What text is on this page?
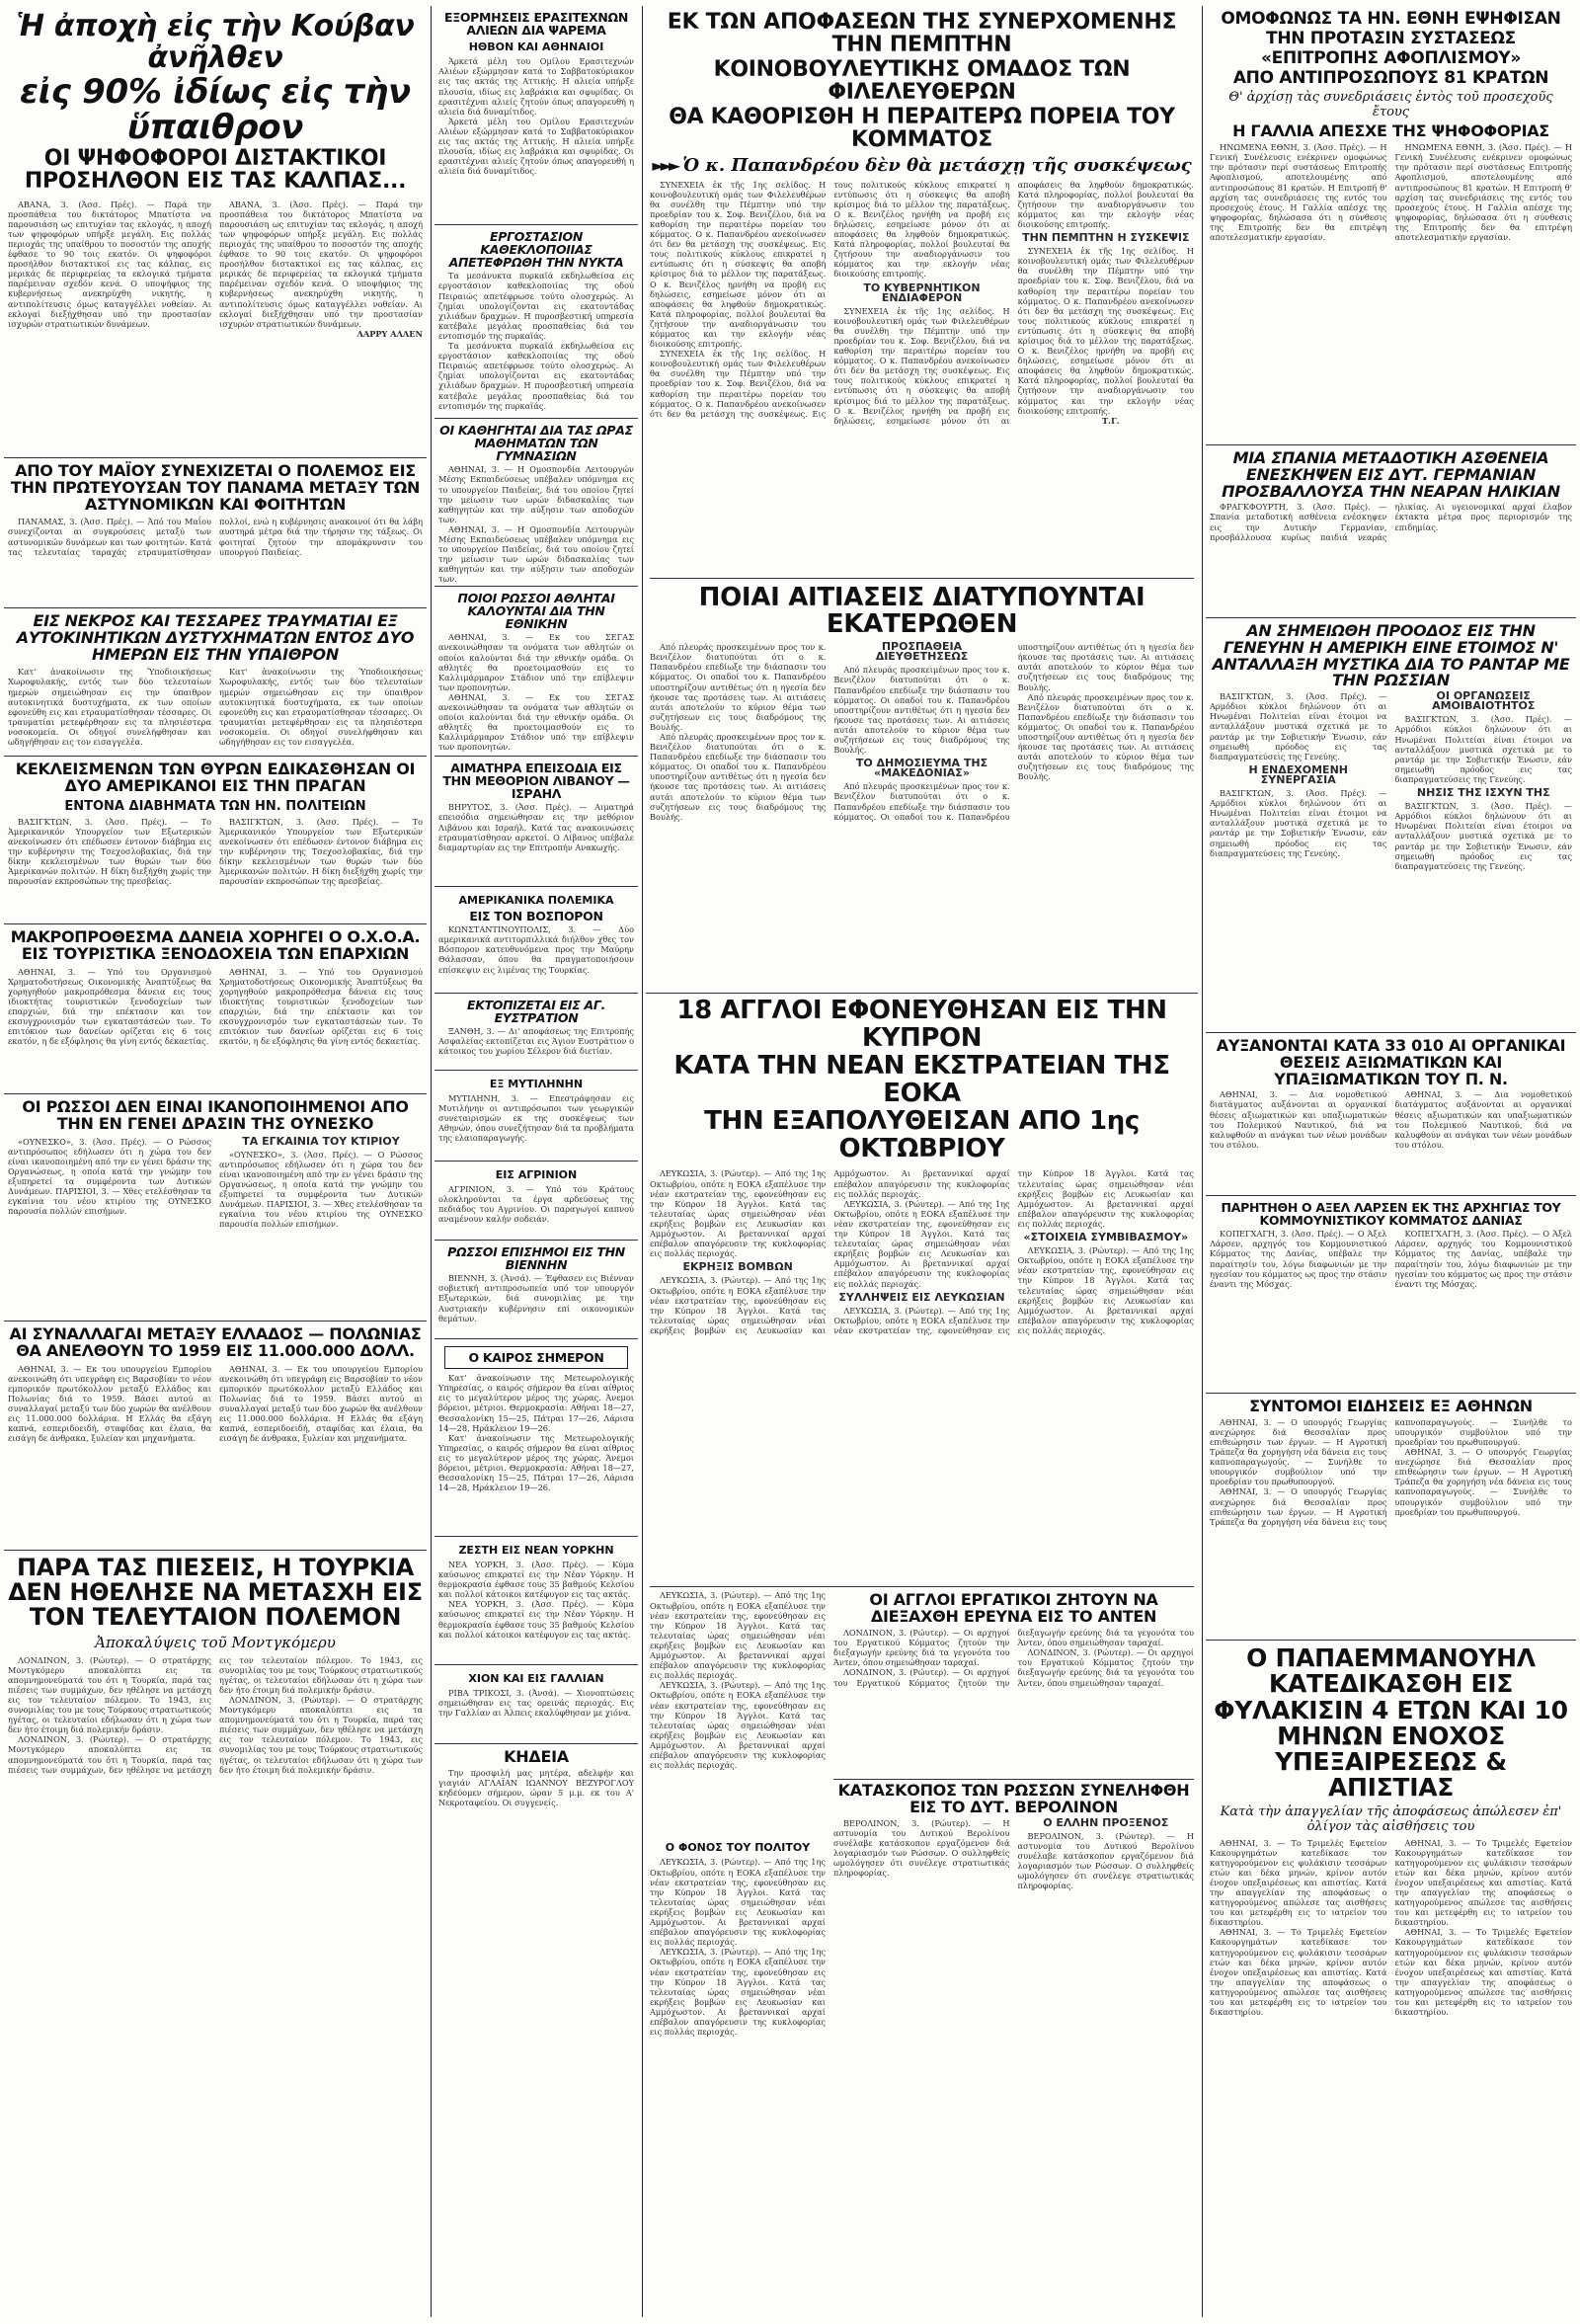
Ἡ ἀποχὴ εἰς τὴν Κούβαν ἀνῆλθεν
εἰς 90% ἰδίως εἰς τὴν ὕπαιθρον
ΟΙ ΨΗΦΟΦΟΡΟΙ ΔΙΣΤΑΚΤΙΚΟΙ ΠΡΟΣΗΛΘΟΝ ΕΙΣ ΤΑΣ ΚΑΛΠΑΣ...

ΑΒΑΝΑ, 3. (Ἀσσ. Πρές). — Παρά την προσπάθεια του δικτάτορος Μπατίστα να παρουσιάση ως επιτυχίαν τας εκλογάς, η αποχή των ψηφοφόρων υπήρξε μεγάλη. Εις πολλάς περιοχάς της υπαίθρου το ποσοστόν της αποχής έφθασε το 90 τοις εκατόν. Οι ψηφοφόροι προσήλθον διστακτικοί εις τας κάλπας, εις μερικάς δε περιφερείας τα εκλογικά τμήματα παρέμειναν σχεδόν κενά. Ο υποψήφιος της κυβερνήσεως ανεκηρύχθη νικητής, η αντιπολίτευσις όμως καταγγέλλει νοθείαν. Αι εκλογαί διεξήχθησαν υπό την προστασίαν ισχυρών στρατιωτικών δυνάμεων.

ΑΒΑΝΑ, 3. (Ἀσσ. Πρές). — Παρά την προσπάθεια του δικτάτορος Μπατίστα να παρουσιάση ως επιτυχίαν τας εκλογάς, η αποχή των ψηφοφόρων υπήρξε μεγάλη. Εις πολλάς περιοχάς της υπαίθρου το ποσοστόν της αποχής έφθασε το 90 τοις εκατόν. Οι ψηφοφόροι προσήλθον διστακτικοί εις τας κάλπας, εις μερικάς δε περιφερείας τα εκλογικά τμήματα παρέμειναν σχεδόν κενά. Ο υποψήφιος της κυβερνήσεως ανεκηρύχθη νικητής, η αντιπολίτευσις όμως καταγγέλλει νοθείαν. Αι εκλογαί διεξήχθησαν υπό την προστασίαν ισχυρών στρατιωτικών δυνάμεων.

ΛΑΡΡΥ ΑΛΛΕΝ

ΑΠΟ ΤΟΥ ΜΑΪΟΥ ΣΥΝΕΧΙΖΕΤΑΙ Ο ΠΟΛΕΜΟΣ ΕΙΣ ΤΗΝ ΠΡΩΤΕΥΟΥΣΑΝ ΤΟΥ ΠΑΝΑΜΑ ΜΕΤΑΞΥ ΤΩΝ ΑΣΤΥΝΟΜΙΚΩΝ ΚΑΙ ΦΟΙΤΗΤΩΝ

ΠΑΝΑΜΑΣ, 3. (Ἀσσ. Πρές). — Ἀπό του Μαΐου συνεχίζονται αι συγκρούσεις μεταξύ των αστυνομικών δυνάμεων και των φοιτητών. Κατά τας τελευταίας ταραχάς ετραυματίσθησαν πολλοί, ενώ η κυβέρνησις ανακοινοί ότι θα λάβη αυστηρά μέτρα διά την τήρησιν της τάξεως. Οι φοιτηταί ζητούν την απομάκρυνσιν του υπουργού Παιδείας.

ΕΙΣ ΝΕΚΡΟΣ ΚΑΙ ΤΕΣΣΑΡΕΣ ΤΡΑΥΜΑΤΙΑΙ ΕΞ ΑΥΤΟΚΙΝΗΤΙΚΩΝ ΔΥΣΤΥΧΗΜΑΤΩΝ ΕΝΤΟΣ ΔΥΟ ΗΜΕΡΩΝ ΕΙΣ ΤΗΝ ΥΠΑΙΘΡΟΝ

Κατ' ἀνακοίνωσιν της Ὑποδιοικήσεως Χωροφυλακής, εντός των δύο τελευταίων ημερών σημειώθησαν εις την ύπαιθρον αυτοκινητικά δυστυχήματα, εκ των οποίων εφονεύθη εις και ετραυματίσθησαν τέσσαρες. Οι τραυματίαι μετεφέρθησαν εις τα πλησιέστερα νοσοκομεία. Οι οδηγοί συνελήφθησαν και ωδηγήθησαν εις τον εισαγγελέα.

Κατ' ἀνακοίνωσιν της Ὑποδιοικήσεως Χωροφυλακής, εντός των δύο τελευταίων ημερών σημειώθησαν εις την ύπαιθρον αυτοκινητικά δυστυχήματα, εκ των οποίων εφονεύθη εις και ετραυματίσθησαν τέσσαρες. Οι τραυματίαι μετεφέρθησαν εις τα πλησιέστερα νοσοκομεία. Οι οδηγοί συνελήφθησαν και ωδηγήθησαν εις τον εισαγγελέα.

ΚΕΚΛΕΙΣΜΕΝΩΝ ΤΩΝ ΘΥΡΩΝ ΕΔΙΚΑΣΘΗΣΑΝ ΟΙ ΔΥΟ ΑΜΕΡΙΚΑΝΟΙ ΕΙΣ ΤΗΝ ΠΡΑΓΑΝ
ΕΝΤΟΝΑ ΔΙΑΒΗΜΑΤΑ ΤΩΝ ΗΝ. ΠΟΛΙΤΕΙΩΝ

ΒΑΣΙΓΚΤΩΝ, 3. (Ἀσσ. Πρές). — Το Ἀμερικανικόν Υπουργείον των Εξωτερικών ανεκοίνωσεν ότι επέδωσεν έντονον διάβημα εις την κυβέρνησιν της Τσεχοσλοβακίας, διά την δίκην κεκλεισμένων των θυρών των δύο Ἀμερικανών πολιτών. Η δίκη διεξήχθη χωρίς την παρουσίαν εκπροσώπων της πρεσβείας.

ΒΑΣΙΓΚΤΩΝ, 3. (Ἀσσ. Πρές). — Το Ἀμερικανικόν Υπουργείον των Εξωτερικών ανεκοίνωσεν ότι επέδωσεν έντονον διάβημα εις την κυβέρνησιν της Τσεχοσλοβακίας, διά την δίκην κεκλεισμένων των θυρών των δύο Ἀμερικανών πολιτών. Η δίκη διεξήχθη χωρίς την παρουσίαν εκπροσώπων της πρεσβείας.

ΜΑΚΡΟΠΡΟΘΕΣΜΑ ΔΑΝΕΙΑ ΧΟΡΗΓΕΙ Ο Ο.Χ.Ο.Α. ΕΙΣ ΤΟΥΡΙΣΤΙΚΑ ΞΕΝΟΔΟΧΕΙΑ ΤΩΝ ΕΠΑΡΧΙΩΝ

ΑΘΗΝΑΙ, 3. — Υπό του Οργανισμού Χρηματοδοτήσεως Οικονομικής Ἀναπτύξεως θα χορηγηθούν μακροπρόθεσμα δάνεια εις τους ιδιοκτήτας τουριστικών ξενοδοχείων των επαρχιών, διά την επέκτασιν και τον εκσυγχρονισμόν των εγκαταστάσεών των. Το επιτόκιον των δανείων ορίζεται εις 6 τοις εκατόν, η δε εξόφλησις θα γίνη εντός δεκαετίας.

ΑΘΗΝΑΙ, 3. — Υπό του Οργανισμού Χρηματοδοτήσεως Οικονομικής Ἀναπτύξεως θα χορηγηθούν μακροπρόθεσμα δάνεια εις τους ιδιοκτήτας τουριστικών ξενοδοχείων των επαρχιών, διά την επέκτασιν και τον εκσυγχρονισμόν των εγκαταστάσεών των. Το επιτόκιον των δανείων ορίζεται εις 6 τοις εκατόν, η δε εξόφλησις θα γίνη εντός δεκαετίας.

ΟΙ ΡΩΣΣΟΙ ΔΕΝ ΕΙΝΑΙ ΙΚΑΝΟΠΟΙΗΜΕΝΟΙ ΑΠΟ ΤΗΝ ΕΝ ΓΕΝΕΙ ΔΡΑΣΙΝ ΤΗΣ ΟΥΝΕΣΚΟ

«ΟΥΝΕΣΚΟ», 3. (Ἀσσ. Πρές). — Ο Ρώσσος αντιπρόσωπος εδήλωσεν ότι η χώρα του δεν είναι ικανοποιημένη από την εν γένει δράσιν της Οργανώσεως, η οποία κατά την γνώμην του εξυπηρετεί τα συμφέροντα των Δυτικών Δυνάμεων. ΠΑΡΙΣΙΟΙ, 3. — Χθες ετελέσθησαν τα εγκαίνια του νέου κτιρίου της ΟΥΝΕΣΚΟ παρουσία πολλών επισήμων.

ΤΑ ΕΓΚΑΙΝΙΑ ΤΟΥ ΚΤΙΡΙΟΥ

«ΟΥΝΕΣΚΟ», 3. (Ἀσσ. Πρές). — Ο Ρώσσος αντιπρόσωπος εδήλωσεν ότι η χώρα του δεν είναι ικανοποιημένη από την εν γένει δράσιν της Οργανώσεως, η οποία κατά την γνώμην του εξυπηρετεί τα συμφέροντα των Δυτικών Δυνάμεων. ΠΑΡΙΣΙΟΙ, 3. — Χθες ετελέσθησαν τα εγκαίνια του νέου κτιρίου της ΟΥΝΕΣΚΟ παρουσία πολλών επισήμων.

ΑΙ ΣΥΝΑΛΛΑΓΑΙ ΜΕΤΑΞΥ ΕΛΛΑΔΟΣ — ΠΟΛΩΝΙΑΣ ΘΑ ΑΝΕΛΘΟΥΝ ΤΟ 1959 ΕΙΣ 11.000.000 ΔΟΛΛ.

ΑΘΗΝΑΙ, 3. — Εκ του υπουργείου Εμπορίου ανεκοινώθη ότι υπεγράφη εις Βαρσοβίαν το νέον εμπορικόν πρωτόκολλον μεταξύ Ελλάδος και Πολωνίας διά το 1959. Βάσει αυτού αι συναλλαγαί μεταξύ των δύο χωρών θα ανέλθουν εις 11.000.000 δολλάρια. Η Ελλάς θα εξάγη καπνά, εσπεριδοειδή, σταφίδας και έλαια, θα εισάγη δε άνθρακα, ξυλείαν και μηχανήματα.

ΑΘΗΝΑΙ, 3. — Εκ του υπουργείου Εμπορίου ανεκοινώθη ότι υπεγράφη εις Βαρσοβίαν το νέον εμπορικόν πρωτόκολλον μεταξύ Ελλάδος και Πολωνίας διά το 1959. Βάσει αυτού αι συναλλαγαί μεταξύ των δύο χωρών θα ανέλθουν εις 11.000.000 δολλάρια. Η Ελλάς θα εξάγη καπνά, εσπεριδοειδή, σταφίδας και έλαια, θα εισάγη δε άνθρακα, ξυλείαν και μηχανήματα.

ΠΑΡΑ ΤΑΣ ΠΙΕΣΕΙΣ, Η ΤΟΥΡΚΙΑ ΔΕΝ ΗΘΕΛΗΣΕ ΝΑ ΜΕΤΑΣΧΗ ΕΙΣ ΤΟΝ ΤΕΛΕΥΤΑΙΟΝ ΠΟΛΕΜΟΝ
Ἀποκαλύψεις τοῦ Μοντγκόμερυ

ΛΟΝΔΙΝΟΝ, 3. (Ρώυτερ). — Ο στρατάρχης Μοντγκόμερυ αποκαλύπτει εις τα απομνημονεύματά του ότι η Τουρκία, παρά τας πιέσεις των συμμάχων, δεν ηθέλησε να μετάσχη εις τον τελευταίον πόλεμον. Το 1943, εις συνομιλίας του με τους Τούρκους στρατιωτικούς ηγέτας, οι τελευταίοι εδήλωσαν ότι η χώρα των δεν ήτο έτοιμη διά πολεμικήν δράσιν.

ΛΟΝΔΙΝΟΝ, 3. (Ρώυτερ). — Ο στρατάρχης Μοντγκόμερυ αποκαλύπτει εις τα απομνημονεύματά του ότι η Τουρκία, παρά τας πιέσεις των συμμάχων, δεν ηθέλησε να μετάσχη εις τον τελευταίον πόλεμον. Το 1943, εις συνομιλίας του με τους Τούρκους στρατιωτικούς ηγέτας, οι τελευταίοι εδήλωσαν ότι η χώρα των δεν ήτο έτοιμη διά πολεμικήν δράσιν.

ΛΟΝΔΙΝΟΝ, 3. (Ρώυτερ). — Ο στρατάρχης Μοντγκόμερυ αποκαλύπτει εις τα απομνημονεύματά του ότι η Τουρκία, παρά τας πιέσεις των συμμάχων, δεν ηθέλησε να μετάσχη εις τον τελευταίον πόλεμον. Το 1943, εις συνομιλίας του με τους Τούρκους στρατιωτικούς ηγέτας, οι τελευταίοι εδήλωσαν ότι η χώρα των δεν ήτο έτοιμη διά πολεμικήν δράσιν.

ΕΞΟΡΜΗΣΕΙΣ ΕΡΑΣΙΤΕΧΝΩΝ ΑΛΙΕΩΝ ΔΙΑ ΨΑΡΕΜΑ
ΗΘΒΟΝ ΚΑΙ ΑΘΗΝΑΙΟΙ

Ἀρκετά μέλη του Ομίλου Ερασιτεχνών Αλιέων εξώρμησαν κατά το Σαββατοκύριακον εις τας ακτάς της Αττικής. Η αλιεία υπήρξε πλουσία, ιδίως εις λαβράκια και σφυρίδας. Οι ερασιτέχναι αλιείς ζητούν όπως απαγορευθή η αλιεία διά δυναμίτιδος.

Ἀρκετά μέλη του Ομίλου Ερασιτεχνών Αλιέων εξώρμησαν κατά το Σαββατοκύριακον εις τας ακτάς της Αττικής. Η αλιεία υπήρξε πλουσία, ιδίως εις λαβράκια και σφυρίδας. Οι ερασιτέχναι αλιείς ζητούν όπως απαγορευθή η αλιεία διά δυναμίτιδος.

ΕΡΓΟΣΤΑΣΙΟΝ ΚΑΘΕΚΛΟΠΟΙΙΑΣ ΑΠΕΤΕΦΡΩΘΗ ΤΗΝ ΝΥΚΤΑ

Τα μεσάνυκτα πυρκαϊά εκδηλωθείσα εις εργοστάσιον καθεκλοποιίας της οδού Πειραιώς απετέφρωσε τούτο ολοσχερώς. Αι ζημίαι υπολογίζονται εις εκατοντάδας χιλιάδων δραχμών. Η πυροσβεστική υπηρεσία κατέβαλε μεγάλας προσπαθείας διά τον εντοπισμόν της πυρκαϊάς.

Τα μεσάνυκτα πυρκαϊά εκδηλωθείσα εις εργοστάσιον καθεκλοποιίας της οδού Πειραιώς απετέφρωσε τούτο ολοσχερώς. Αι ζημίαι υπολογίζονται εις εκατοντάδας χιλιάδων δραχμών. Η πυροσβεστική υπηρεσία κατέβαλε μεγάλας προσπαθείας διά τον εντοπισμόν της πυρκαϊάς.

ΟΙ ΚΑΘΗΓΗΤΑΙ ΔΙΑ ΤΑΣ ΩΡΑΣ ΜΑΘΗΜΑΤΩΝ ΤΩΝ ΓΥΜΝΑΣΙΩΝ

ΑΘΗΝΑΙ, 3. — Η Ομοσπονδία Λειτουργών Μέσης Εκπαιδεύσεως υπέβαλεν υπόμνημα εις το υπουργείον Παιδείας, διά του οποίου ζητεί την μείωσιν των ωρών διδασκαλίας των καθηγητών και την αύξησιν των αποδοχών των.

ΑΘΗΝΑΙ, 3. — Η Ομοσπονδία Λειτουργών Μέσης Εκπαιδεύσεως υπέβαλεν υπόμνημα εις το υπουργείον Παιδείας, διά του οποίου ζητεί την μείωσιν των ωρών διδασκαλίας των καθηγητών και την αύξησιν των αποδοχών των.

ΠΟΙΟΙ ΡΩΣΣΟΙ ΑΘΛΗΤΑΙ ΚΑΛΟΥΝΤΑΙ ΔΙΑ ΤΗΝ ΕΘΝΙΚΗΝ

ΑΘΗΝΑΙ, 3. — Εκ του ΣΕΓΑΣ ανεκοινώθησαν τα ονόματα των αθλητών οι οποίοι καλούνται διά την εθνικήν ομάδα. Οι αθλητές θα προετοιμασθούν εις το Καλλιμάρμαρον Στάδιον υπό την επίβλεψιν των προπονητών.

ΑΘΗΝΑΙ, 3. — Εκ του ΣΕΓΑΣ ανεκοινώθησαν τα ονόματα των αθλητών οι οποίοι καλούνται διά την εθνικήν ομάδα. Οι αθλητές θα προετοιμασθούν εις το Καλλιμάρμαρον Στάδιον υπό την επίβλεψιν των προπονητών.

ΑΙΜΑΤΗΡΑ ΕΠΕΙΣΟΔΙΑ ΕΙΣ ΤΗΝ ΜΕΘΟΡΙΟΝ ΛΙΒΑΝΟΥ — ΙΣΡΑΗΛ

ΒΗΡΥΤΟΣ, 3. (Ἀσσ. Πρές). — Αιματηρά επεισόδια σημειώθησαν εις την μεθόριον Λιβάνου και Ισραήλ. Κατά τας ανακοινώσεις ετραυματίσθησαν αρκετοί. Ο Λίβανος υπέβαλε διαμαρτυρίαν εις την Επιτροπήν Ανακωχής.

ΑΜΕΡΙΚΑΝΙΚΑ ΠΟΛΕΜΙΚΑ
ΕΙΣ ΤΟΝ ΒΟΣΠΟΡΟΝ

ΚΩΝΣΤΑΝΤΙΝΟΥΠΟΛΙΣ, 3. — Δύο αμερικανικά αντιτορπιλλικά διήλθον χθες τον Βόσπορον κατευθυνόμενα προς την Μαύρην Θάλασσαν, όπου θα πραγματοποιήσουν επίσκεψιν εις λιμένας της Τουρκίας.

ΕΚΤΟΠΙΖΕΤΑΙ ΕΙΣ ΑΓ. ΕΥΣΤΡΑΤΙΟΝ

ΞΑΝΘΗ, 3. — Δι' αποφάσεως της Επιτροπής Ασφαλείας εκτοπίζεται εις Άγιον Ευστράτιον ο κάτοικος του χωρίου Σέλερον διά διετίαν.

ΕΞ ΜΥΤΙΛΗΝΗΝ

ΜΥΤΙΛΗΝΗ, 3. — Επεστράφησαν εις Μυτιλήνην οι αντιπρόσωποι των γεωργικών συνεταιρισμών εκ της συσκέψεως των Αθηνών, όπου συνεζήτησαν διά τα προβλήματα της ελαιοπαραγωγής.

ΕΙΣ ΑΓΡΙΝΙΟΝ

ΑΓΡΙΝΙΟΝ, 3. — Υπό του Κράτους ολοκληρούνται τα έργα αρδεύσεως της πεδιάδος του Αγρινίου. Οι παραγωγοί καπνού αναμένουν καλήν σοδειάν.

ΡΩΣΣΟΙ ΕΠΙΣΗΜΟΙ ΕΙΣ ΤΗΝ ΒΙΕΝΝΗΝ

ΒΙΕΝΝΗ, 3. (Ἀνσά). — Έφθασεν εις Βιένναν σοβιετική αντιπροσωπεία υπό τον υπουργόν Εξωτερικών, διά συνομιλίας με την Αυστριακήν κυβέρνησιν επί οικονομικών θεμάτων.

Ο ΚΑΙΡΟΣ ΣΗΜΕΡΟΝ

Κατ' ἀνακοίνωσιν της Μετεωρολογικής Υπηρεσίας, ο καιρός σήμερον θα είναι αίθριος εις το μεγαλύτερον μέρος της χώρας. Άνεμοι βόρειοι, μέτριοι. Θερμοκρασία: Αθήναι 18—27, Θεσσαλονίκη 15—25, Πάτραι 17—26, Λάρισα 14—28, Ηράκλειον 19—26.

Κατ' ἀνακοίνωσιν της Μετεωρολογικής Υπηρεσίας, ο καιρός σήμερον θα είναι αίθριος εις το μεγαλύτερον μέρος της χώρας. Άνεμοι βόρειοι, μέτριοι. Θερμοκρασία: Αθήναι 18—27, Θεσσαλονίκη 15—25, Πάτραι 17—26, Λάρισα 14—28, Ηράκλειον 19—26.

ΖΕΣΤΗ ΕΙΣ ΝΕΑΝ ΥΟΡΚΗΝ

ΝΕΑ ΥΟΡΚΗ, 3. (Ἀσσ. Πρές). — Κύμα καύσωνος επικρατεί εις την Νέαν Υόρκην. Η θερμοκρασία έφθασε τους 35 βαθμούς Κελσίου και πολλοί κάτοικοι κατέφυγον εις τας ακτάς.

ΝΕΑ ΥΟΡΚΗ, 3. (Ἀσσ. Πρές). — Κύμα καύσωνος επικρατεί εις την Νέαν Υόρκην. Η θερμοκρασία έφθασε τους 35 βαθμούς Κελσίου και πολλοί κάτοικοι κατέφυγον εις τας ακτάς.

ΧΙΟΝ ΚΑΙ ΕΙΣ ΓΑΛΛΙΑΝ

ΡΙΒΑ ΤΡΙΚΟΣΙ, 3. (Ἀνσά). — Χιονοπτώσεις σημειώθησαν εις τας ορεινάς περιοχάς. Εις την Γαλλίαν αι Άλπεις εκαλύφθησαν με χιόνα.

ΚΗΔΕΙΑ

Την προσφιλή μας μητέρα, αδελφήν και γιαγιάν ΑΓΛΑΪΑΝ ΙΩΑΝΝΟΥ ΒΕΖΥΡΟΓΛΟΥ κηδεύομεν σήμερον, ώραν 5 μ.μ. εκ του Α' Νεκροταφείου. Οι συγγενείς.

ΕΚ ΤΩΝ ΑΠΟΦΑΣΕΩΝ ΤΗΣ ΣΥΝΕΡΧΟΜΕΝΗΣ ΤΗΝ ΠΕΜΠΤΗΝ
ΚΟΙΝΟΒΟΥΛΕΥΤΙΚΗΣ ΟΜΑΔΟΣ ΤΩΝ ΦΙΛΕΛΕΥΘΕΡΩΝ
ΘΑ ΚΑΘΟΡΙΣΘΗ Η ΠΕΡΑΙΤΕΡΩ ΠΟΡΕΙΑ ΤΟΥ ΚΟΜΜΑΤΟΣ
►►► Ὁ κ. Παπανδρέου δὲν θὰ μετάσχῃ τῆς συσκέψεως

ΣΥΝΕΧΕΙΑ ἐκ τῆς 1ης σελίδος. Η κοινοβουλευτική ομάς των Φιλελευθέρων θα συνέλθη την Πέμπτην υπό την προεδρίαν του κ. Σοφ. Βενιζέλου, διά να καθορίση την περαιτέρω πορείαν του κόμματος. Ο κ. Παπανδρέου ανεκοίνωσεν ότι δεν θα μετάσχη της συσκέψεως. Εις τους πολιτικούς κύκλους επικρατεί η εντύπωσις ότι η σύσκεψις θα αποβή κρίσιμος διά το μέλλον της παρατάξεως. Ο κ. Βενιζέλος ηρνήθη να προβή εις δηλώσεις, εσημείωσε μόνον ότι αι αποφάσεις θα ληφθούν δημοκρατικώς. Κατά πληροφορίας, πολλοί βουλευταί θα ζητήσουν την αναδιοργάνωσιν του κόμματος και την εκλογήν νέας διοικούσης επιτροπής.

ΣΥΝΕΧΕΙΑ ἐκ τῆς 1ης σελίδος. Η κοινοβουλευτική ομάς των Φιλελευθέρων θα συνέλθη την Πέμπτην υπό την προεδρίαν του κ. Σοφ. Βενιζέλου, διά να καθορίση την περαιτέρω πορείαν του κόμματος. Ο κ. Παπανδρέου ανεκοίνωσεν ότι δεν θα μετάσχη της συσκέψεως. Εις τους πολιτικούς κύκλους επικρατεί η εντύπωσις ότι η σύσκεψις θα αποβή κρίσιμος διά το μέλλον της παρατάξεως. Ο κ. Βενιζέλος ηρνήθη να προβή εις δηλώσεις, εσημείωσε μόνον ότι αι αποφάσεις θα ληφθούν δημοκρατικώς. Κατά πληροφορίας, πολλοί βουλευταί θα ζητήσουν την αναδιοργάνωσιν του κόμματος και την εκλογήν νέας διοικούσης επιτροπής.

ΤΟ ΚΥΒΕΡΝΗΤΙΚΟΝ ΕΝΔΙΑΦΕΡΟΝ

ΣΥΝΕΧΕΙΑ ἐκ τῆς 1ης σελίδος. Η κοινοβουλευτική ομάς των Φιλελευθέρων θα συνέλθη την Πέμπτην υπό την προεδρίαν του κ. Σοφ. Βενιζέλου, διά να καθορίση την περαιτέρω πορείαν του κόμματος. Ο κ. Παπανδρέου ανεκοίνωσεν ότι δεν θα μετάσχη της συσκέψεως. Εις τους πολιτικούς κύκλους επικρατεί η εντύπωσις ότι η σύσκεψις θα αποβή κρίσιμος διά το μέλλον της παρατάξεως. Ο κ. Βενιζέλος ηρνήθη να προβή εις δηλώσεις, εσημείωσε μόνον ότι αι αποφάσεις θα ληφθούν δημοκρατικώς. Κατά πληροφορίας, πολλοί βουλευταί θα ζητήσουν την αναδιοργάνωσιν του κόμματος και την εκλογήν νέας διοικούσης επιτροπής.

ΤΗΝ ΠΕΜΠΤΗΝ Η ΣΥΣΚΕΨΙΣ

ΣΥΝΕΧΕΙΑ ἐκ τῆς 1ης σελίδος. Η κοινοβουλευτική ομάς των Φιλελευθέρων θα συνέλθη την Πέμπτην υπό την προεδρίαν του κ. Σοφ. Βενιζέλου, διά να καθορίση την περαιτέρω πορείαν του κόμματος. Ο κ. Παπανδρέου ανεκοίνωσεν ότι δεν θα μετάσχη της συσκέψεως. Εις τους πολιτικούς κύκλους επικρατεί η εντύπωσις ότι η σύσκεψις θα αποβή κρίσιμος διά το μέλλον της παρατάξεως. Ο κ. Βενιζέλος ηρνήθη να προβή εις δηλώσεις, εσημείωσε μόνον ότι αι αποφάσεις θα ληφθούν δημοκρατικώς. Κατά πληροφορίας, πολλοί βουλευταί θα ζητήσουν την αναδιοργάνωσιν του κόμματος και την εκλογήν νέας διοικούσης επιτροπής.

Τ.Γ.

ΠΟΙΑΙ ΑΙΤΙΑΣΕΙΣ ΔΙΑΤΥΠΟΥΝΤΑΙ ΕΚΑΤΕΡΩΘΕΝ

Από πλευράς προσκειμένων προς τον κ. Βενιζέλον διατυπούται ότι ο κ. Παπανδρέου επεδίωξε την διάσπασιν του κόμματος. Οι οπαδοί του κ. Παπανδρέου υποστηρίζουν αντιθέτως ότι η ηγεσία δεν ήκουσε τας προτάσεις των. Αι αιτιάσεις αυτάι αποτελούν το κύριον θέμα των συζητήσεων εις τους διαδρόμους της Βουλής.

Από πλευράς προσκειμένων προς τον κ. Βενιζέλον διατυπούται ότι ο κ. Παπανδρέου επεδίωξε την διάσπασιν του κόμματος. Οι οπαδοί του κ. Παπανδρέου υποστηρίζουν αντιθέτως ότι η ηγεσία δεν ήκουσε τας προτάσεις των. Αι αιτιάσεις αυτάι αποτελούν το κύριον θέμα των συζητήσεων εις τους διαδρόμους της Βουλής.

ΠΡΟΣΠΑΘΕΙΑ ΔΙΕΥΘΕΤΗΣΕΩΣ

Από πλευράς προσκειμένων προς τον κ. Βενιζέλον διατυπούται ότι ο κ. Παπανδρέου επεδίωξε την διάσπασιν του κόμματος. Οι οπαδοί του κ. Παπανδρέου υποστηρίζουν αντιθέτως ότι η ηγεσία δεν ήκουσε τας προτάσεις των. Αι αιτιάσεις αυτάι αποτελούν το κύριον θέμα των συζητήσεων εις τους διαδρόμους της Βουλής.

ΤΟ ΔΗΜΟΣΙΕΥΜΑ ΤΗΣ «ΜΑΚΕΔΟΝΙΑΣ»

Από πλευράς προσκειμένων προς τον κ. Βενιζέλον διατυπούται ότι ο κ. Παπανδρέου επεδίωξε την διάσπασιν του κόμματος. Οι οπαδοί του κ. Παπανδρέου υποστηρίζουν αντιθέτως ότι η ηγεσία δεν ήκουσε τας προτάσεις των. Αι αιτιάσεις αυτάι αποτελούν το κύριον θέμα των συζητήσεων εις τους διαδρόμους της Βουλής.

Από πλευράς προσκειμένων προς τον κ. Βενιζέλον διατυπούται ότι ο κ. Παπανδρέου επεδίωξε την διάσπασιν του κόμματος. Οι οπαδοί του κ. Παπανδρέου υποστηρίζουν αντιθέτως ότι η ηγεσία δεν ήκουσε τας προτάσεις των. Αι αιτιάσεις αυτάι αποτελούν το κύριον θέμα των συζητήσεων εις τους διαδρόμους της Βουλής.

18 ΑΓΓΛΟΙ ΕΦΟΝΕΥΘΗΣΑΝ ΕΙΣ ΤΗΝ ΚΥΠΡΟΝ
ΚΑΤΑ ΤΗΝ ΝΕΑΝ ΕΚΣΤΡΑΤΕΙΑΝ ΤΗΣ ΕΟΚΑ
ΤΗΝ ΕΞΑΠΟΛΥΘΕΙΣΑΝ ΑΠΟ 1ης ΟΚΤΩΒΡΙΟΥ

ΛΕΥΚΩΣΙΑ, 3. (Ρώυτερ). — Από της 1ης Οκτωβρίου, οπότε η ΕΟΚΑ εξαπέλυσε την νέαν εκστρατείαν της, εφονεύθησαν εις την Κύπρον 18 Άγγλοι. Κατά τας τελευταίας ώρας σημειώθησαν νέαι εκρήξεις βομβών εις Λευκωσίαν και Αμμόχωστον. Αι βρεταννικαί αρχαί επέβαλον απαγόρευσιν της κυκλοφορίας εις πολλάς περιοχάς.

ΕΚΡΗΞΙΣ ΒΟΜΒΩΝ

ΛΕΥΚΩΣΙΑ, 3. (Ρώυτερ). — Από της 1ης Οκτωβρίου, οπότε η ΕΟΚΑ εξαπέλυσε την νέαν εκστρατείαν της, εφονεύθησαν εις την Κύπρον 18 Άγγλοι. Κατά τας τελευταίας ώρας σημειώθησαν νέαι εκρήξεις βομβών εις Λευκωσίαν και Αμμόχωστον. Αι βρεταννικαί αρχαί επέβαλον απαγόρευσιν της κυκλοφορίας εις πολλάς περιοχάς.

ΛΕΥΚΩΣΙΑ, 3. (Ρώυτερ). — Από της 1ης Οκτωβρίου, οπότε η ΕΟΚΑ εξαπέλυσε την νέαν εκστρατείαν της, εφονεύθησαν εις την Κύπρον 18 Άγγλοι. Κατά τας τελευταίας ώρας σημειώθησαν νέαι εκρήξεις βομβών εις Λευκωσίαν και Αμμόχωστον. Αι βρεταννικαί αρχαί επέβαλον απαγόρευσιν της κυκλοφορίας εις πολλάς περιοχάς.

ΣΥΛΛΗΨΕΙΣ ΕΙΣ ΛΕΥΚΩΣΙΑΝ

ΛΕΥΚΩΣΙΑ, 3. (Ρώυτερ). — Από της 1ης Οκτωβρίου, οπότε η ΕΟΚΑ εξαπέλυσε την νέαν εκστρατείαν της, εφονεύθησαν εις την Κύπρον 18 Άγγλοι. Κατά τας τελευταίας ώρας σημειώθησαν νέαι εκρήξεις βομβών εις Λευκωσίαν και Αμμόχωστον. Αι βρεταννικαί αρχαί επέβαλον απαγόρευσιν της κυκλοφορίας εις πολλάς περιοχάς.

«ΣΤΟΙΧΕΙΑ ΣΥΜΒΙΒΑΣΜΟΥ»

ΛΕΥΚΩΣΙΑ, 3. (Ρώυτερ). — Από της 1ης Οκτωβρίου, οπότε η ΕΟΚΑ εξαπέλυσε την νέαν εκστρατείαν της, εφονεύθησαν εις την Κύπρον 18 Άγγλοι. Κατά τας τελευταίας ώρας σημειώθησαν νέαι εκρήξεις βομβών εις Λευκωσίαν και Αμμόχωστον. Αι βρεταννικαί αρχαί επέβαλον απαγόρευσιν της κυκλοφορίας εις πολλάς περιοχάς.

ΛΕΥΚΩΣΙΑ, 3. (Ρώυτερ). — Από της 1ης Οκτωβρίου, οπότε η ΕΟΚΑ εξαπέλυσε την νέαν εκστρατείαν της, εφονεύθησαν εις την Κύπρον 18 Άγγλοι. Κατά τας τελευταίας ώρας σημειώθησαν νέαι εκρήξεις βομβών εις Λευκωσίαν και Αμμόχωστον. Αι βρεταννικαί αρχαί επέβαλον απαγόρευσιν της κυκλοφορίας εις πολλάς περιοχάς.

ΛΕΥΚΩΣΙΑ, 3. (Ρώυτερ). — Από της 1ης Οκτωβρίου, οπότε η ΕΟΚΑ εξαπέλυσε την νέαν εκστρατείαν της, εφονεύθησαν εις την Κύπρον 18 Άγγλοι. Κατά τας τελευταίας ώρας σημειώθησαν νέαι εκρήξεις βομβών εις Λευκωσίαν και Αμμόχωστον. Αι βρεταννικαί αρχαί επέβαλον απαγόρευσιν της κυκλοφορίας εις πολλάς περιοχάς.

Ο ΦΟΝΟΣ ΤΟΥ ΠΟΛΙΤΟΥ

ΛΕΥΚΩΣΙΑ, 3. (Ρώυτερ). — Από της 1ης Οκτωβρίου, οπότε η ΕΟΚΑ εξαπέλυσε την νέαν εκστρατείαν της, εφονεύθησαν εις την Κύπρον 18 Άγγλοι. Κατά τας τελευταίας ώρας σημειώθησαν νέαι εκρήξεις βομβών εις Λευκωσίαν και Αμμόχωστον. Αι βρεταννικαί αρχαί επέβαλον απαγόρευσιν της κυκλοφορίας εις πολλάς περιοχάς.

ΛΕΥΚΩΣΙΑ, 3. (Ρώυτερ). — Από της 1ης Οκτωβρίου, οπότε η ΕΟΚΑ εξαπέλυσε την νέαν εκστρατείαν της, εφονεύθησαν εις την Κύπρον 18 Άγγλοι. Κατά τας τελευταίας ώρας σημειώθησαν νέαι εκρήξεις βομβών εις Λευκωσίαν και Αμμόχωστον. Αι βρεταννικαί αρχαί επέβαλον απαγόρευσιν της κυκλοφορίας εις πολλάς περιοχάς.

ΟΙ ΑΓΓΛΟΙ ΕΡΓΑΤΙΚΟΙ ΖΗΤΟΥΝ ΝΑ ΔΙΕΞΑΧΘΗ ΕΡΕΥΝΑ ΕΙΣ ΤΟ ΑΝΤΕΝ

ΛΟΝΔΙΝΟΝ, 3. (Ρώυτερ). — Οι αρχηγοί του Εργατικού Κόμματος ζητούν την διεξαγωγήν ερεύνης διά τα γεγονότα του Άντεν, όπου σημειώθησαν ταραχαί.

ΛΟΝΔΙΝΟΝ, 3. (Ρώυτερ). — Οι αρχηγοί του Εργατικού Κόμματος ζητούν την διεξαγωγήν ερεύνης διά τα γεγονότα του Άντεν, όπου σημειώθησαν ταραχαί.

ΛΟΝΔΙΝΟΝ, 3. (Ρώυτερ). — Οι αρχηγοί του Εργατικού Κόμματος ζητούν την διεξαγωγήν ερεύνης διά τα γεγονότα του Άντεν, όπου σημειώθησαν ταραχαί.

ΚΑΤΑΣΚΟΠΟΣ ΤΩΝ ΡΩΣΣΩΝ ΣΥΝΕΛΗΦΘΗ ΕΙΣ ΤΟ ΔΥΤ. ΒΕΡΟΛΙΝΟΝ

ΒΕΡΟΛΙΝΟΝ, 3. (Ρώυτερ). — Η αστυνομία του Δυτικού Βερολίνου συνέλαβε κατάσκοπον εργαζόμενον διά λογαριασμόν των Ρώσσων. Ο συλληφθείς ωμολόγησεν ότι συνέλεγε στρατιωτικάς πληροφορίας.

Ο ΕΛΛΗΝ ΠΡΟΞΕΝΟΣ

ΒΕΡΟΛΙΝΟΝ, 3. (Ρώυτερ). — Η αστυνομία του Δυτικού Βερολίνου συνέλαβε κατάσκοπον εργαζόμενον διά λογαριασμόν των Ρώσσων. Ο συλληφθείς ωμολόγησεν ότι συνέλεγε στρατιωτικάς πληροφορίας.

ΟΜΟΦΩΝΩΣ ΤΑ ΗΝ. ΕΘΝΗ ΕΨΗΦΙΣΑΝ
ΤΗΝ ΠΡΟΤΑΣΙΝ ΣΥΣΤΑΣΕΩΣ
«ΕΠΙΤΡΟΠΗΣ ΑΦΟΠΛΙΣΜΟΥ»
ΑΠΟ ΑΝΤΙΠΡΟΣΩΠΟΥΣ 81 ΚΡΑΤΩΝ
Θ' ἀρχίσῃ τὰς συνεδριάσεις ἐντὸς τοῦ προσεχοῦς ἔτους
Η ΓΑΛΛΙΑ ΑΠΕΣΧΕ ΤΗΣ ΨΗΦΟΦΟΡΙΑΣ

ΗΝΩΜΕΝΑ ΕΘΝΗ, 3. (Ἀσσ. Πρές). — Η Γενική Συνέλευσις ενέκρινεν ομοφώνως την πρότασιν περί συστάσεως Επιτροπής Αφοπλισμού, αποτελουμένης από αντιπροσώπους 81 κρατών. Η Επιτροπή θ' αρχίση τας συνεδριάσεις της εντός του προσεχούς έτους. Η Γαλλία απέσχε της ψηφοφορίας, δηλώσασα ότι η σύνθεσις της Επιτροπής δεν θα επιτρέψη αποτελεσματικήν εργασίαν.

ΗΝΩΜΕΝΑ ΕΘΝΗ, 3. (Ἀσσ. Πρές). — Η Γενική Συνέλευσις ενέκρινεν ομοφώνως την πρότασιν περί συστάσεως Επιτροπής Αφοπλισμού, αποτελουμένης από αντιπροσώπους 81 κρατών. Η Επιτροπή θ' αρχίση τας συνεδριάσεις της εντός του προσεχούς έτους. Η Γαλλία απέσχε της ψηφοφορίας, δηλώσασα ότι η σύνθεσις της Επιτροπής δεν θα επιτρέψη αποτελεσματικήν εργασίαν.

ΜΙΑ ΣΠΑΝΙΑ ΜΕΤΑΔΟΤΙΚΗ ΑΣΘΕΝΕΙΑ ΕΝΕΣΚΗΨΕΝ ΕΙΣ ΔΥΤ. ΓΕΡΜΑΝΙΑΝ ΠΡΟΣΒΑΛΛΟΥΣΑ ΤΗΝ ΝΕΑΡΑΝ ΗΛΙΚΙΑΝ

ΦΡΑΓΚΦΟΥΡΤΗ, 3. (Ἀσσ. Πρές). — Σπανία μεταδοτική ασθένεια ενέσκηψεν εις την Δυτικήν Γερμανίαν, προσβάλλουσα κυρίως παιδιά νεαράς ηλικίας. Αι υγειονομικαί αρχαί έλαβον έκτακτα μέτρα προς περιορισμόν της επιδημίας.

ΑΝ ΣΗΜΕΙΩΘΗ ΠΡΟΟΔΟΣ ΕΙΣ ΤΗΝ ΓΕΝΕΥΗΝ Η ΑΜΕΡΙΚΗ ΕΙΝΕ ΕΤΟΙΜΟΣ Ν' ΑΝΤΑΛΛΑΞΗ ΜΥΣΤΙΚΑ ΔΙΑ ΤΟ ΡΑΝΤΑΡ ΜΕ ΤΗΝ ΡΩΣΣΙΑΝ

ΒΑΣΙΓΚΤΩΝ, 3. (Ἀσσ. Πρές). — Αρμόδιοι κύκλοι δηλώνουν ότι αι Ηνωμέναι Πολιτείαι είναι έτοιμοι να ανταλλάξουν μυστικά σχετικά με το ραντάρ με την Σοβιετικήν Ένωσιν, εάν σημειωθή πρόοδος εις τας διαπραγματεύσεις της Γενεύης.

Η ΕΝΔΕΧΟΜΕΝΗ ΣΥΝΕΡΓΑΣΙΑ

ΒΑΣΙΓΚΤΩΝ, 3. (Ἀσσ. Πρές). — Αρμόδιοι κύκλοι δηλώνουν ότι αι Ηνωμέναι Πολιτείαι είναι έτοιμοι να ανταλλάξουν μυστικά σχετικά με το ραντάρ με την Σοβιετικήν Ένωσιν, εάν σημειωθή πρόοδος εις τας διαπραγματεύσεις της Γενεύης.

ΟΙ ΟΡΓΑΝΩΣΕΙΣ ΑΜΟΙΒΑΙΟΤΗΤΟΣ

ΒΑΣΙΓΚΤΩΝ, 3. (Ἀσσ. Πρές). — Αρμόδιοι κύκλοι δηλώνουν ότι αι Ηνωμέναι Πολιτείαι είναι έτοιμοι να ανταλλάξουν μυστικά σχετικά με το ραντάρ με την Σοβιετικήν Ένωσιν, εάν σημειωθή πρόοδος εις τας διαπραγματεύσεις της Γενεύης.

ΝΗΣΙΣ ΤΗΣ ΙΣΧΥΝ ΤΗΣ

ΒΑΣΙΓΚΤΩΝ, 3. (Ἀσσ. Πρές). — Αρμόδιοι κύκλοι δηλώνουν ότι αι Ηνωμέναι Πολιτείαι είναι έτοιμοι να ανταλλάξουν μυστικά σχετικά με το ραντάρ με την Σοβιετικήν Ένωσιν, εάν σημειωθή πρόοδος εις τας διαπραγματεύσεις της Γενεύης.

ΑΥΞΑΝΟΝΤΑΙ ΚΑΤΑ 33 010 ΑΙ ΟΡΓΑΝΙΚΑΙ ΘΕΣΕΙΣ ΑΞΙΩΜΑΤΙΚΩΝ ΚΑΙ ΥΠΑΞΙΩΜΑΤΙΚΩΝ ΤΟΥ Π. Ν.

ΑΘΗΝΑΙ, 3. — Δια νομοθετικού διατάγματος αυξάνονται αι οργανικαί θέσεις αξιωματικών και υπαξιωματικών του Πολεμικού Ναυτικού, διά να καλυφθούν αι ανάγκαι των νέων μονάδων του στόλου.

ΑΘΗΝΑΙ, 3. — Δια νομοθετικού διατάγματος αυξάνονται αι οργανικαί θέσεις αξιωματικών και υπαξιωματικών του Πολεμικού Ναυτικού, διά να καλυφθούν αι ανάγκαι των νέων μονάδων του στόλου.

ΠΑΡΗΤΗΘΗ Ο ΑΞΕΛ ΛΑΡΣΕΝ ΕΚ ΤΗΣ ΑΡΧΗΓΙΑΣ ΤΟΥ ΚΟΜΜΟΥΝΙΣΤΙΚΟΥ ΚΟΜΜΑΤΟΣ ΔΑΝΙΑΣ

ΚΟΠΕΓΧΑΓΗ, 3. (Ἀσσ. Πρές). — Ο Άξελ Λάρσεν, αρχηγός του Κομμουνιστικού Κόμματος της Δανίας, υπέβαλε την παραίτησίν του, λόγω διαφωνιών με την ηγεσίαν του κόμματος ως προς την στάσιν έναντι της Μόσχας.

ΚΟΠΕΓΧΑΓΗ, 3. (Ἀσσ. Πρές). — Ο Άξελ Λάρσεν, αρχηγός του Κομμουνιστικού Κόμματος της Δανίας, υπέβαλε την παραίτησίν του, λόγω διαφωνιών με την ηγεσίαν του κόμματος ως προς την στάσιν έναντι της Μόσχας.

ΣΥΝΤΟΜΟΙ ΕΙΔΗΣΕΙΣ ΕΞ ΑΘΗΝΩΝ

ΑΘΗΝΑΙ, 3. — Ο υπουργός Γεωργίας ανεχώρησε διά Θεσσαλίαν προς επιθεώρησιν των έργων. — Η Αγροτική Τράπεζα θα χορηγήση νέα δάνεια εις τους καπνοπαραγωγούς. — Συνήλθε το υπουργικόν συμβούλιον υπό την προεδρίαν του πρωθυπουργού.

ΑΘΗΝΑΙ, 3. — Ο υπουργός Γεωργίας ανεχώρησε διά Θεσσαλίαν προς επιθεώρησιν των έργων. — Η Αγροτική Τράπεζα θα χορηγήση νέα δάνεια εις τους καπνοπαραγωγούς. — Συνήλθε το υπουργικόν συμβούλιον υπό την προεδρίαν του πρωθυπουργού.

ΑΘΗΝΑΙ, 3. — Ο υπουργός Γεωργίας ανεχώρησε διά Θεσσαλίαν προς επιθεώρησιν των έργων. — Η Αγροτική Τράπεζα θα χορηγήση νέα δάνεια εις τους καπνοπαραγωγούς. — Συνήλθε το υπουργικόν συμβούλιον υπό την προεδρίαν του πρωθυπουργού.

Ο ΠΑΠΑΕΜΜΑΝΟΥΗΛ ΚΑΤΕΔΙΚΑΣΘΗ ΕΙΣ ΦΥΛΑΚΙΣΙΝ 4 ΕΤΩΝ ΚΑΙ 10 ΜΗΝΩΝ ΕΝΟΧΟΣ ΥΠΕΞΑΙΡΕΣΕΩΣ & ΑΠΙΣΤΙΑΣ
Κατὰ τὴν ἀπαγγελίαν τῆς ἀποφάσεως ἀπώλεσεν ἐπ' ὀλίγον τὰς αἰσθήσεις του

ΑΘΗΝΑΙ, 3. — Το Τριμελές Εφετείον Κακουργημάτων κατεδίκασε τον κατηγορούμενον εις φυλάκισιν τεσσάρων ετών και δέκα μηνών, κρίνον αυτόν ένοχον υπεξαιρέσεως και απιστίας. Κατά την απαγγελίαν της αποφάσεως ο κατηγορούμενος απώλεσε τας αισθήσεις του και μετεφέρθη εις το ιατρείον του δικαστηρίου.

ΑΘΗΝΑΙ, 3. — Το Τριμελές Εφετείον Κακουργημάτων κατεδίκασε τον κατηγορούμενον εις φυλάκισιν τεσσάρων ετών και δέκα μηνών, κρίνον αυτόν ένοχον υπεξαιρέσεως και απιστίας. Κατά την απαγγελίαν της αποφάσεως ο κατηγορούμενος απώλεσε τας αισθήσεις του και μετεφέρθη εις το ιατρείον του δικαστηρίου.

ΑΘΗΝΑΙ, 3. — Το Τριμελές Εφετείον Κακουργημάτων κατεδίκασε τον κατηγορούμενον εις φυλάκισιν τεσσάρων ετών και δέκα μηνών, κρίνον αυτόν ένοχον υπεξαιρέσεως και απιστίας. Κατά την απαγγελίαν της αποφάσεως ο κατηγορούμενος απώλεσε τας αισθήσεις του και μετεφέρθη εις το ιατρείον του δικαστηρίου.

ΑΘΗΝΑΙ, 3. — Το Τριμελές Εφετείον Κακουργημάτων κατεδίκασε τον κατηγορούμενον εις φυλάκισιν τεσσάρων ετών και δέκα μηνών, κρίνον αυτόν ένοχον υπεξαιρέσεως και απιστίας. Κατά την απαγγελίαν της αποφάσεως ο κατηγορούμενος απώλεσε τας αισθήσεις του και μετεφέρθη εις το ιατρείον του δικαστηρίου.
